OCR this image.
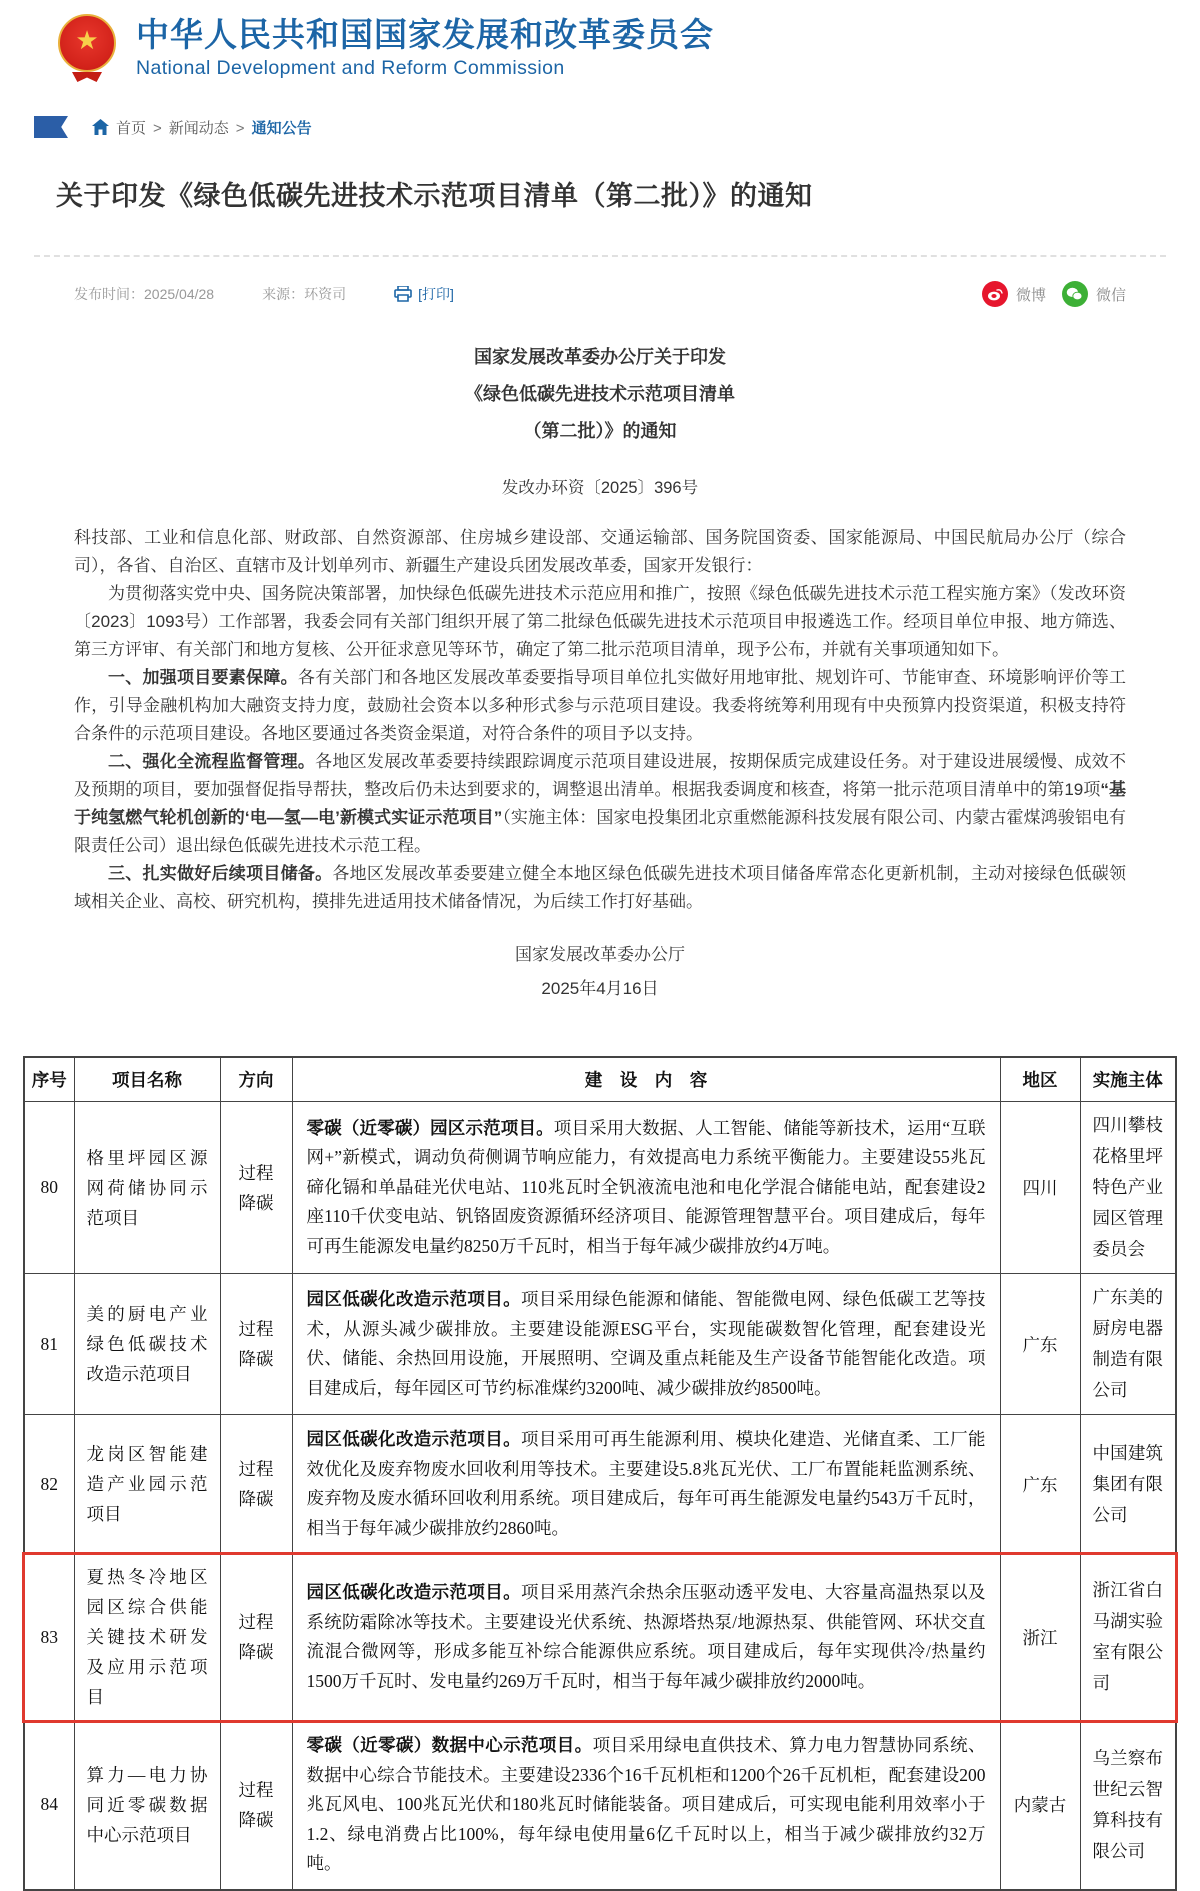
★ 中华人民共和国国家发展和改革委员会
National Development and Reform Commission
首页 > 新闻动态 > 通知公告
关于印发《绿色低碳先进技术示范项目清单（第二批）》的通知
发布时间： 2025/04/28	来源： 环资司	[打印]	微博	微信
国家发展改革委办公厅关于印发
《绿色低碳先进技术示范项目清单
（第二批）》的通知
发改办环资〔2025〕396号

科技部、工业和信息化部、财政部、自然资源部、住房城乡建设部、交通运输部、国务院国资委、国家能源局、中国民航局办公厅（综合司），各省、自治区、直辖市及计划单列市、新疆生产建设兵团发展改革委，国家开发银行：

为贯彻落实党中央、国务院决策部署，加快绿色低碳先进技术示范应用和推广，按照《绿色低碳先进技术示范工程实施方案》（发改环资〔2023〕1093号）工作部署，我委会同有关部门组织开展了第二批绿色低碳先进技术示范项目申报遴选工作。经项目单位申报、地方筛选、第三方评审、有关部门和地方复核、公开征求意见等环节，确定了第二批示范项目清单，现予公布，并就有关事项通知如下。

一、加强项目要素保障。各有关部门和各地区发展改革委要指导项目单位扎实做好用地审批、规划许可、节能审查、环境影响评价等工作，引导金融机构加大融资支持力度，鼓励社会资本以多种形式参与示范项目建设。我委将统筹利用现有中央预算内投资渠道，积极支持符合条件的示范项目建设。各地区要通过各类资金渠道，对符合条件的项目予以支持。

二、强化全流程监督管理。各地区发展改革委要持续跟踪调度示范项目建设进展，按期保质完成建设任务。对于建设进展缓慢、成效不及预期的项目，要加强督促指导帮扶，整改后仍未达到要求的，调整退出清单。根据我委调度和核查，将第一批示范项目清单中的第19项“基于纯氢燃气轮机创新的‘电—氢—电’新模式实证示范项目”（实施主体：国家电投集团北京重燃能源科技发展有限公司、内蒙古霍煤鸿骏铝电有限责任公司）退出绿色低碳先进技术示范工程。

三、扎实做好后续项目储备。各地区发展改革委要建立健全本地区绿色低碳先进技术项目储备库常态化更新机制，主动对接绿色低碳领域相关企业、高校、研究机构，摸排先进适用技术储备情况，为后续工作打好基础。

国家发展改革委办公厅
2025年4月16日
序号	项目名称	方向	建　设　内　容	地区	实施主体
80	格里坪园区源网荷储协同示范项目	过程降碳	零碳（近零碳）园区示范项目。项目采用大数据、人工智能、储能等新技术，运用“互联网+”新模式，调动负荷侧调节响应能力，有效提高电力系统平衡能力。主要建设55兆瓦碲化镉和单晶硅光伏电站、110兆瓦时全钒液流电池和电化学混合储能电站，配套建设2座110千伏变电站、钒铬固废资源循环经济项目、能源管理智慧平台。项目建成后，每年可再生能源发电量约8250万千瓦时，相当于每年减少碳排放约4万吨。	四川	四川攀枝花格里坪特色产业园区管理委员会
81	美的厨电产业绿色低碳技术改造示范项目	过程降碳	园区低碳化改造示范项目。项目采用绿色能源和储能、智能微电网、绿色低碳工艺等技术，从源头减少碳排放。主要建设能源ESG平台，实现能碳数智化管理，配套建设光伏、储能、余热回用设施，开展照明、空调及重点耗能及生产设备节能智能化改造。项目建成后，每年园区可节约标准煤约3200吨、减少碳排放约8500吨。	广东	广东美的厨房电器制造有限公司
82	龙岗区智能建造产业园示范项目	过程降碳	园区低碳化改造示范项目。项目采用可再生能源利用、模块化建造、光储直柔、工厂能效优化及废弃物废水回收利用等技术。主要建设5.8兆瓦光伏、工厂布置能耗监测系统、废弃物及废水循环回收利用系统。项目建成后，每年可再生能源发电量约543万千瓦时，相当于每年减少碳排放约2860吨。	广东	中国建筑集团有限公司
83	夏热冬冷地区园区综合供能关键技术研发及应用示范项目	过程降碳	园区低碳化改造示范项目。项目采用蒸汽余热余压驱动透平发电、大容量高温热泵以及系统防霜除冰等技术。主要建设光伏系统、热源塔热泵/地源热泵、供能管网、环状交直流混合微网等，形成多能互补综合能源供应系统。项目建成后，每年实现供冷/热量约1500万千瓦时、发电量约269万千瓦时，相当于每年减少碳排放约2000吨。	浙江	浙江省白马湖实验室有限公司
84	算力—电力协同近零碳数据中心示范项目	过程降碳	零碳（近零碳）数据中心示范项目。项目采用绿电直供技术、算力电力智慧协同系统、数据中心综合节能技术。主要建设2336个16千瓦机柜和1200个26千瓦机柜，配套建设200兆瓦风电、100兆瓦光伏和180兆瓦时储能装备。项目建成后，可实现电能利用效率小于1.2、绿电消费占比100%，每年绿电使用量6亿千瓦时以上，相当于减少碳排放约32万吨。	内蒙古	乌兰察布世纪云智算科技有限公司
